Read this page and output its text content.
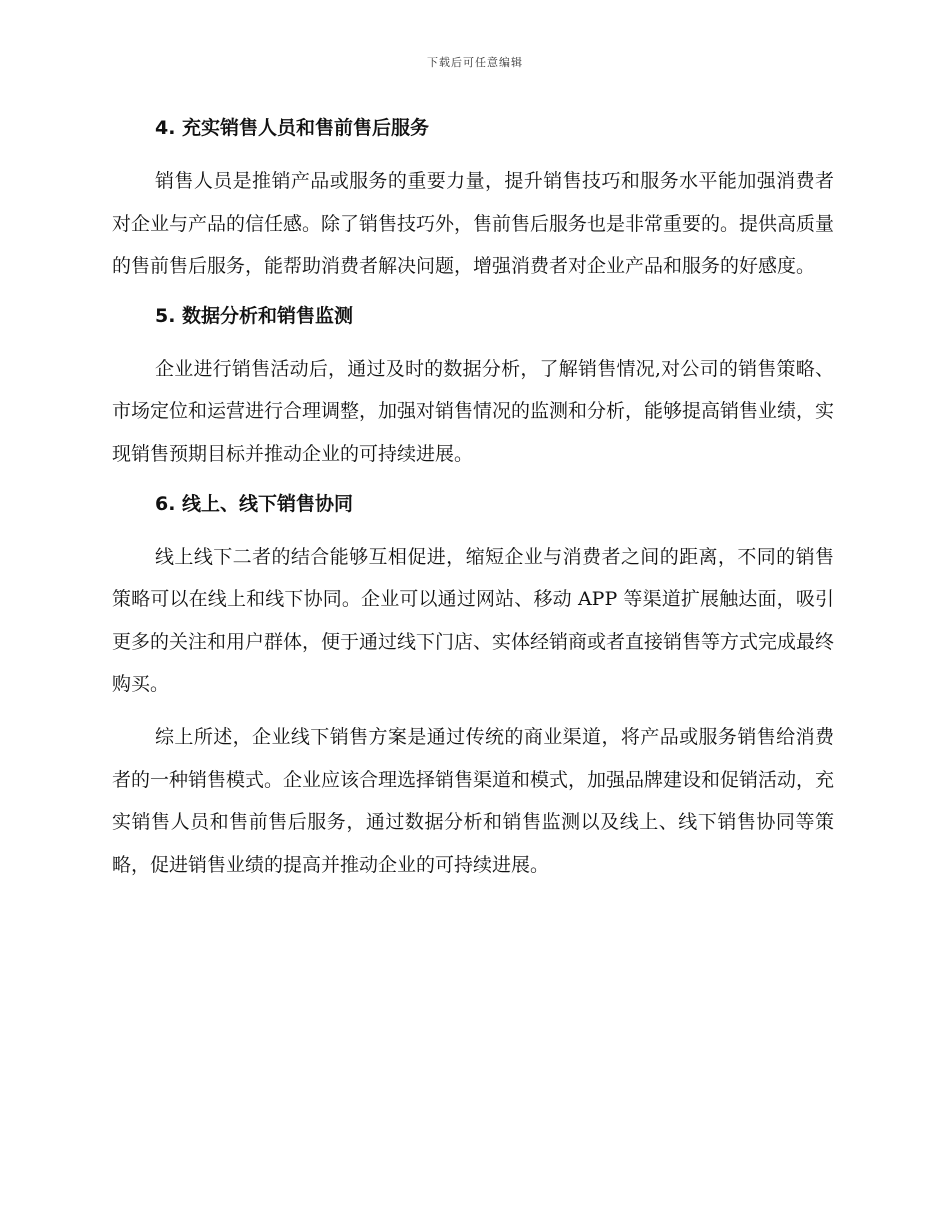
下载后可任意编辑
4. 充实销售人员和售前售后服务

销售人员是推销产品或服务的重要力量，提升销售技巧和服务水平能加强消费者对企业与产品的信任感。除了销售技巧外，售前售后服务也是非常重要的。提供高质量的售前售后服务，能帮助消费者解决问题，增强消费者对企业产品和服务的好感度。

5. 数据分析和销售监测

企业进行销售活动后，通过及时的数据分析，了解销售情况,对公司的销售策略、市场定位和运营进行合理调整，加强对销售情况的监测和分析，能够提高销售业绩，实现销售预期目标并推动企业的可持续进展。

6. 线上、线下销售协同

线上线下二者的结合能够互相促进，缩短企业与消费者之间的距离，不同的销售策略可以在线上和线下协同。企业可以通过网站、移动 APP 等渠道扩展触达面，吸引更多的关注和用户群体，便于通过线下门店、实体经销商或者直接销售等方式完成最终购买。

综上所述，企业线下销售方案是通过传统的商业渠道，将产品或服务销售给消费者的一种销售模式。企业应该合理选择销售渠道和模式，加强品牌建设和促销活动，充实销售人员和售前售后服务，通过数据分析和销售监测以及线上、线下销售协同等策略，促进销售业绩的提高并推动企业的可持续进展。
